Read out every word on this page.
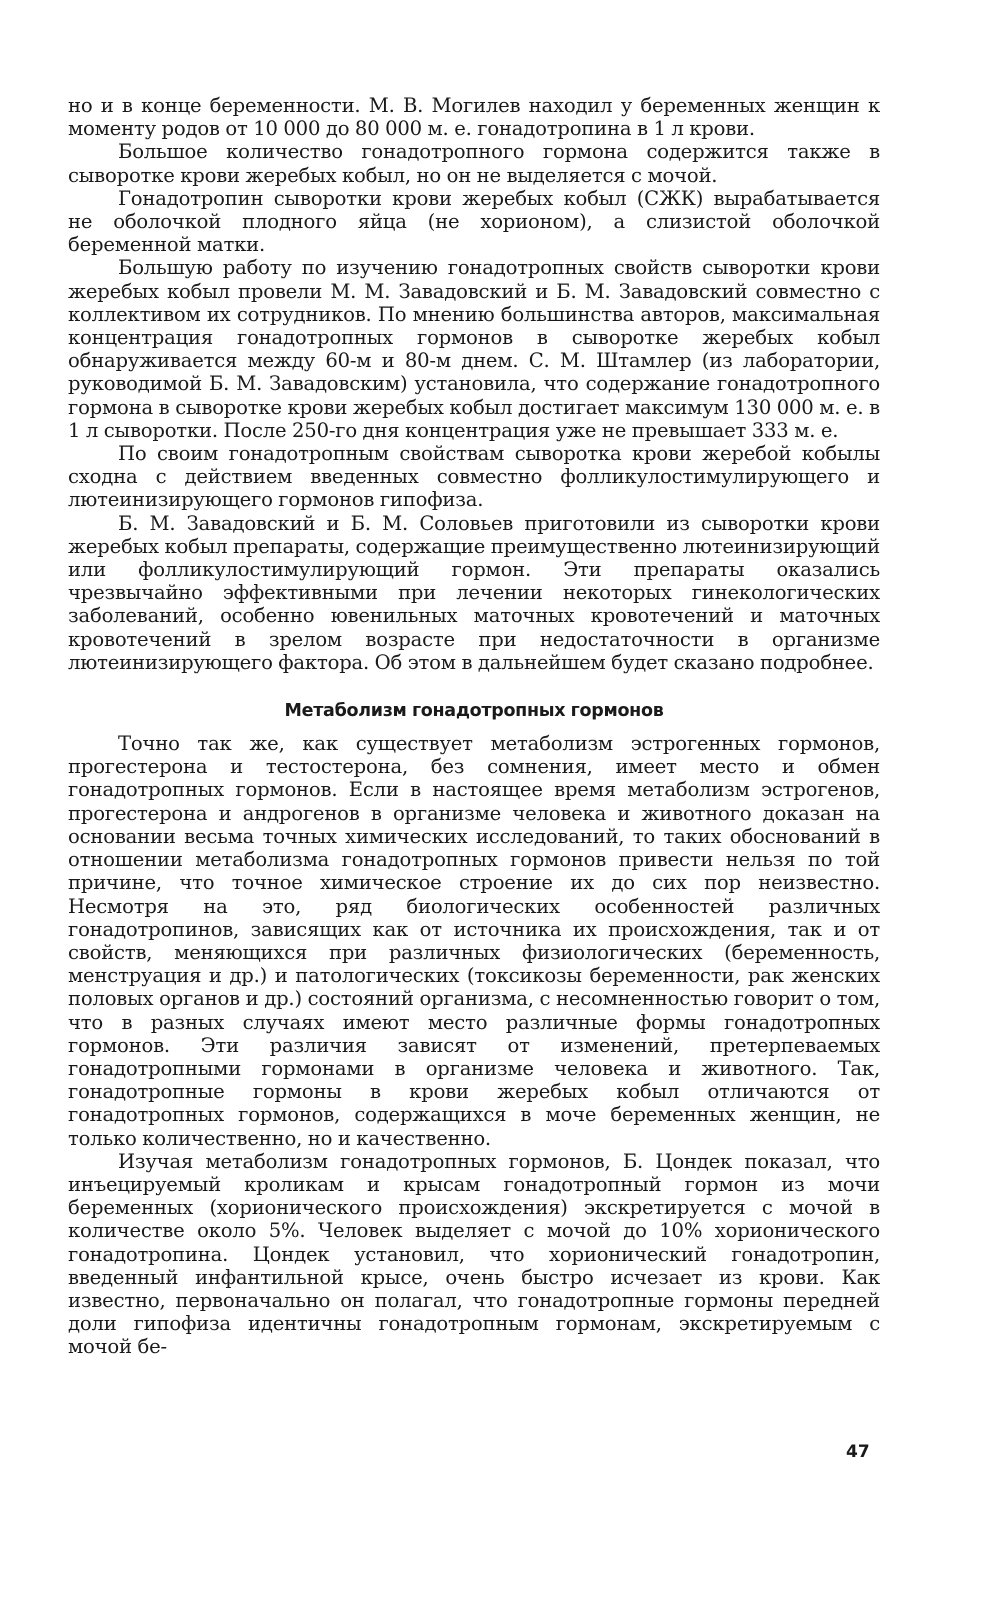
но и в конце беременности. М. В. Могилев находил у беременных женщин к моменту родов от 10 000 до 80 000 м. е. гонадотропина в 1 л крови.

Большое количество гонадотропного гормона содержится также в сыворотке крови жеребых кобыл, но он не выделяется с мочой.

Гонадотропин сыворотки крови жеребых кобыл (СЖК) вырабатывается не оболочкой плодного яйца (не хорионом), а слизистой оболочкой беременной матки.

Большую работу по изучению гонадотропных свойств сыворотки крови жеребых кобыл провели М. М. Завадовский и Б. М. Завадовский совместно с коллективом их сотрудников. По мнению большинства авторов, максимальная концентрация гонадотропных гормонов в сыворотке жеребых кобыл обнаруживается между 60-м и 80-м днем. С. М. Штамлер (из лаборатории, руководимой Б. М. Завадовским) установила, что содержание гонадотропного гормона в сыворотке крови жеребых кобыл достигает максимум 130 000 м. е. в 1 л сыворотки. После 250-го дня концентрация уже не превышает 333 м. е.

По своим гонадотропным свойствам сыворотка крови жеребой кобылы сходна с действием введенных совместно фолликулостимулирующего и лютеинизирующего гормонов гипофиза.

Б. М. Завадовский и Б. М. Соловьев приготовили из сыворотки крови жеребых кобыл препараты, содержащие преимущественно лютеинизирующий или фолликулостимулирующий гормон. Эти препараты оказались чрезвычайно эффективными при лечении некоторых гинекологических заболеваний, особенно ювенильных маточных кровотечений и маточных кровотечений в зрелом возрасте при недостаточности в организме лютеинизирующего фактора. Об этом в дальнейшем будет сказано подробнее.

Метаболизм гонадотропных гормонов

Точно так же, как существует метаболизм эстрогенных гормонов, прогестерона и тестостерона, без сомнения, имеет место и обмен гонадотропных гормонов. Если в настоящее время метаболизм эстрогенов, прогестерона и андрогенов в организме человека и животного доказан на основании весьма точных химических исследований, то таких обоснований в отношении метаболизма гонадотропных гормонов привести нельзя по той причине, что точное химическое строение их до сих пор неизвестно. Несмотря на это, ряд биологических особенностей различных гонадотропинов, зависящих как от источника их происхождения, так и от свойств, меняющихся при различных физиологических (беременность, менструация и др.) и патологических (токсикозы беременности, рак женских половых органов и др.) состояний организма, с несомненностью говорит о том, что в разных случаях имеют место различные формы гонадотропных гормонов. Эти различия зависят от изменений, претерпеваемых гонадотропными гормонами в организме человека и животного. Так, гонадотропные гормоны в крови жеребых кобыл отличаются от гонадотропных гормонов, содержащихся в моче беременных женщин, не только количественно, но и качественно.

Изучая метаболизм гонадотропных гормонов, Б. Цондек показал, что инъецируемый кроликам и крысам гонадотропный гормон из мочи беременных (хорионического происхождения) экскретируется с мочой в количестве около 5%. Человек выделяет с мочой до 10% хорионического гонадотропина. Цондек установил, что хорионический гонадотропин, введенный инфантильной крысе, очень быстро исчезает из крови. Как известно, первоначально он полагал, что гонадотропные гормоны передней доли гипофиза идентичны гонадотропным гормонам, экскретируемым с мочой бе-

47
